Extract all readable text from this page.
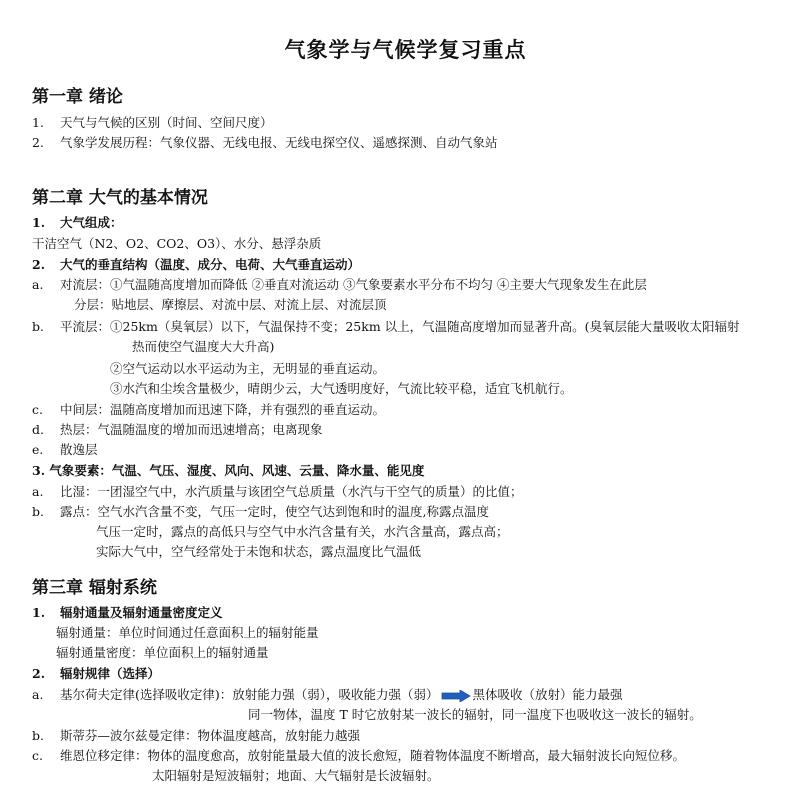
气象学与气候学复习重点
第一章 绪论
1. 天气与气候的区别（时间、空间尺度）
2. 气象学发展历程：气象仪器、无线电报、无线电探空仪、遥感探测、自动气象站
第二章 大气的基本情况
1. 大气组成：
干洁空气（N2、O2、CO2、O3）、水分、悬浮杂质
2. 大气的垂直结构（温度、成分、电荷、大气垂直运动）
a. 对流层：①气温随高度增加而降低 ②垂直对流运动 ③气象要素水平分布不均匀 ④主要大气现象发生在此层
分层：贴地层、摩擦层、对流中层、对流上层、对流层顶
b. 平流层：①25km（臭氧层）以下，气温保持不变；25km 以上，气温随高度增加而显著升高。(臭氧层能大量吸收太阳辐射
热而使空气温度大大升高)
②空气运动以水平运动为主，无明显的垂直运动。
③水汽和尘埃含量极少，晴朗少云，大气透明度好，气流比较平稳，适宜飞机航行。
c. 中间层：温随高度增加而迅速下降，并有强烈的垂直运动。
d. 热层：气温随温度的增加而迅速增高；电离现象
e. 散逸层
3. 气象要素：气温、气压、湿度、风向、风速、云量、降水量、能见度
a. 比湿：一团湿空气中，水汽质量与该团空气总质量（水汽与干空气的质量）的比值；
b. 露点：空气水汽含量不变，气压一定时，使空气达到饱和时的温度,称露点温度
气压一定时，露点的高低只与空气中水汽含量有关，水汽含量高，露点高；
实际大气中，空气经常处于未饱和状态，露点温度比气温低
第三章 辐射系统
1. 辐射通量及辐射通量密度定义
辐射通量：单位时间通过任意面积上的辐射能量
辐射通量密度：单位面积上的辐射通量
2. 辐射规律（选择）
a. 基尔荷夫定律(选择吸收定律)：放射能力强（弱），吸收能力强（弱）	黑体吸收（放射）能力最强
同一物体，温度 T 时它放射某一波长的辐射，同一温度下也吸收这一波长的辐射。
b. 斯蒂芬—波尔兹曼定律：物体温度越高，放射能力越强
c. 维恩位移定律：物体的温度愈高，放射能量最大值的波长愈短，随着物体温度不断增高，最大辐射波长向短位移。
太阳辐射是短波辐射；地面、大气辐射是长波辐射。
